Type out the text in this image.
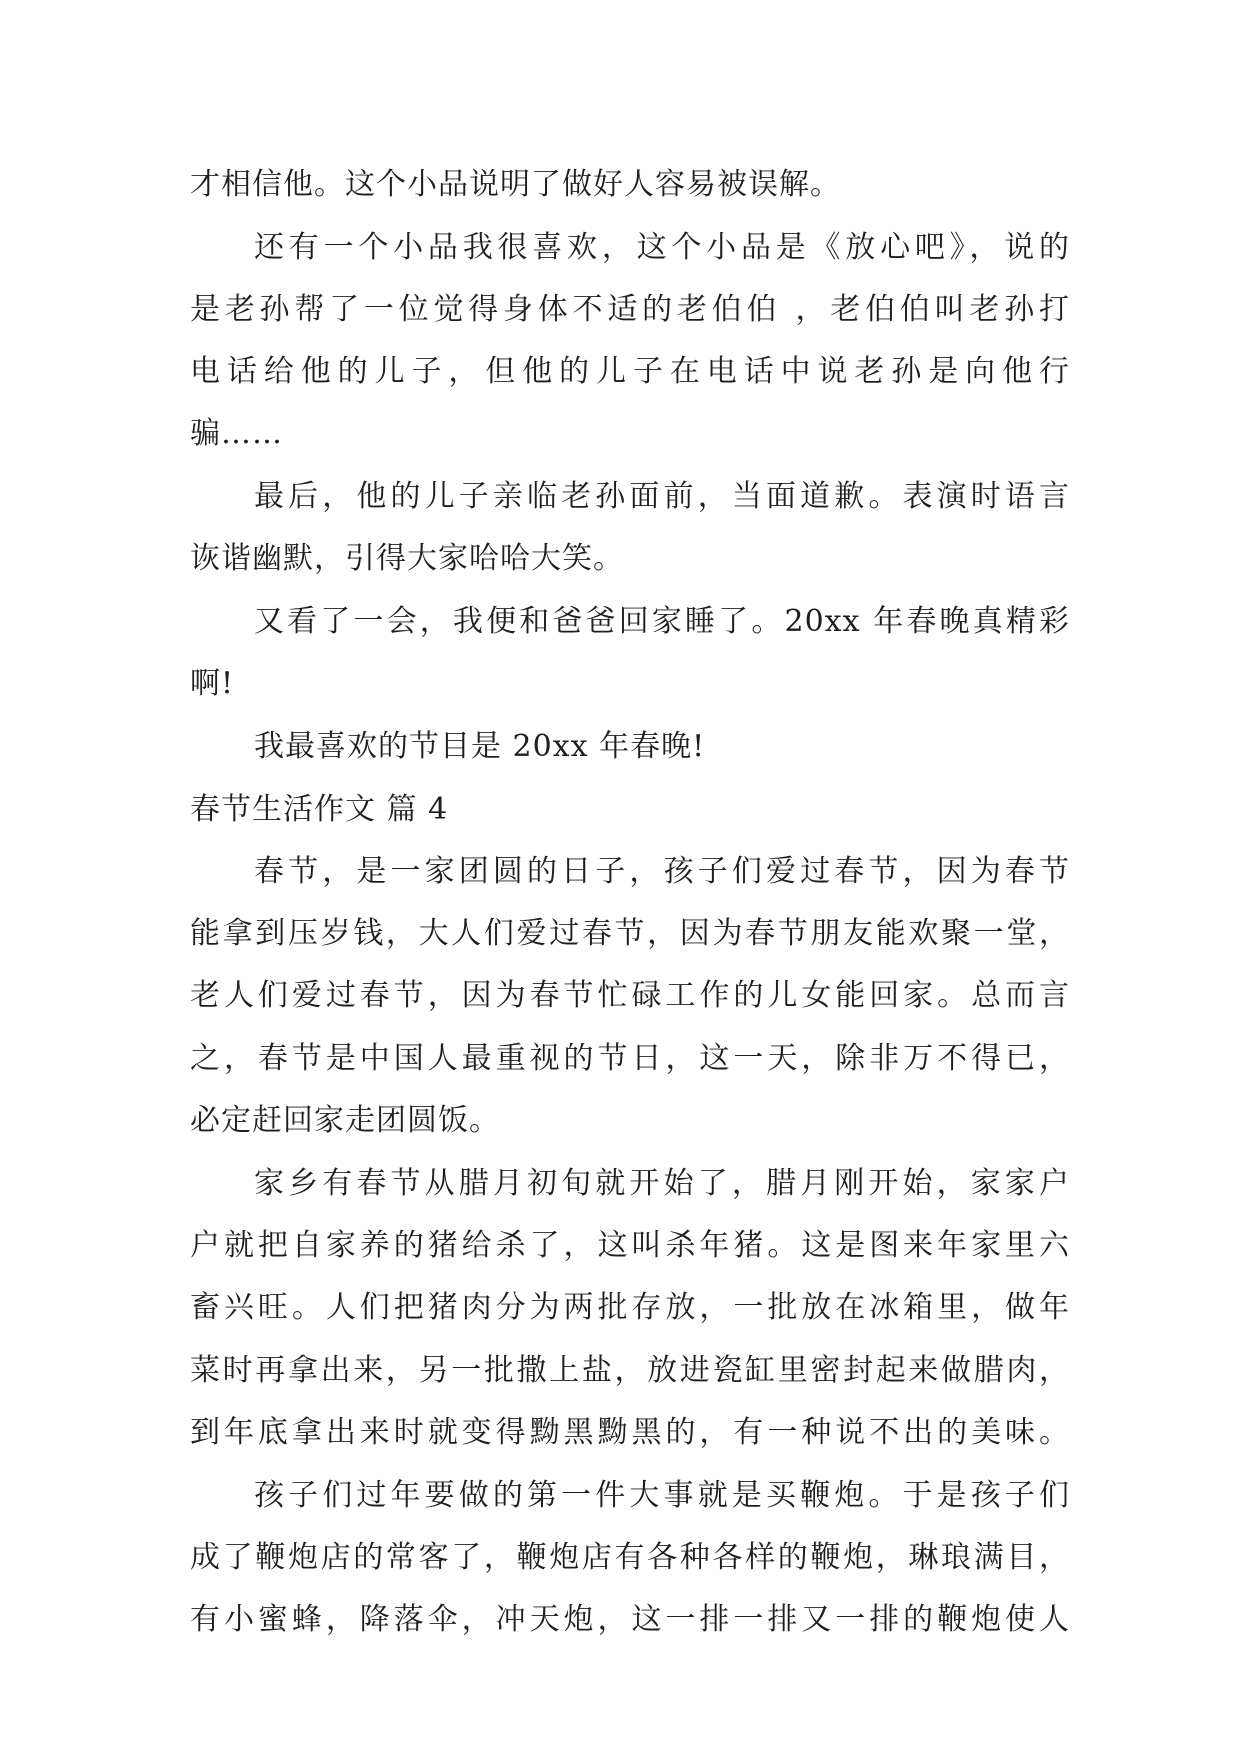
才相信他。这个小品说明了做好人容易被误解。
还有一个小品我很喜欢，这个小品是《放心吧》，说的
是老孙帮了一位觉得身体不适的老伯伯 ，老伯伯叫老孙打
电话给他的儿子，但他的儿子在电话中说老孙是向他行
骗……
最后，他的儿子亲临老孙面前，当面道歉。表演时语言
诙谐幽默，引得大家哈哈大笑。
又看了一会，我便和爸爸回家睡了。20xx 年春晚真精彩
啊!
我最喜欢的节目是 20xx 年春晚!
春节生活作文 篇 4
春节，是一家团圆的日子，孩子们爱过春节，因为春节
能拿到压岁钱，大人们爱过春节，因为春节朋友能欢聚一堂，
老人们爱过春节，因为春节忙碌工作的儿女能回家。总而言
之，春节是中国人最重视的节日，这一天，除非万不得已，
必定赶回家走团圆饭。
家乡有春节从腊月初旬就开始了，腊月刚开始，家家户
户就把自家养的猪给杀了，这叫杀年猪。这是图来年家里六
畜兴旺。人们把猪肉分为两批存放，一批放在冰箱里，做年
菜时再拿出来，另一批撒上盐，放进瓷缸里密封起来做腊肉，
到年底拿出来时就变得黝黑黝黑的，有一种说不出的美味。
孩子们过年要做的第一件大事就是买鞭炮。于是孩子们
成了鞭炮店的常客了，鞭炮店有各种各样的鞭炮，琳琅满目，
有小蜜蜂，降落伞，冲天炮，这一排一排又一排的鞭炮使人
